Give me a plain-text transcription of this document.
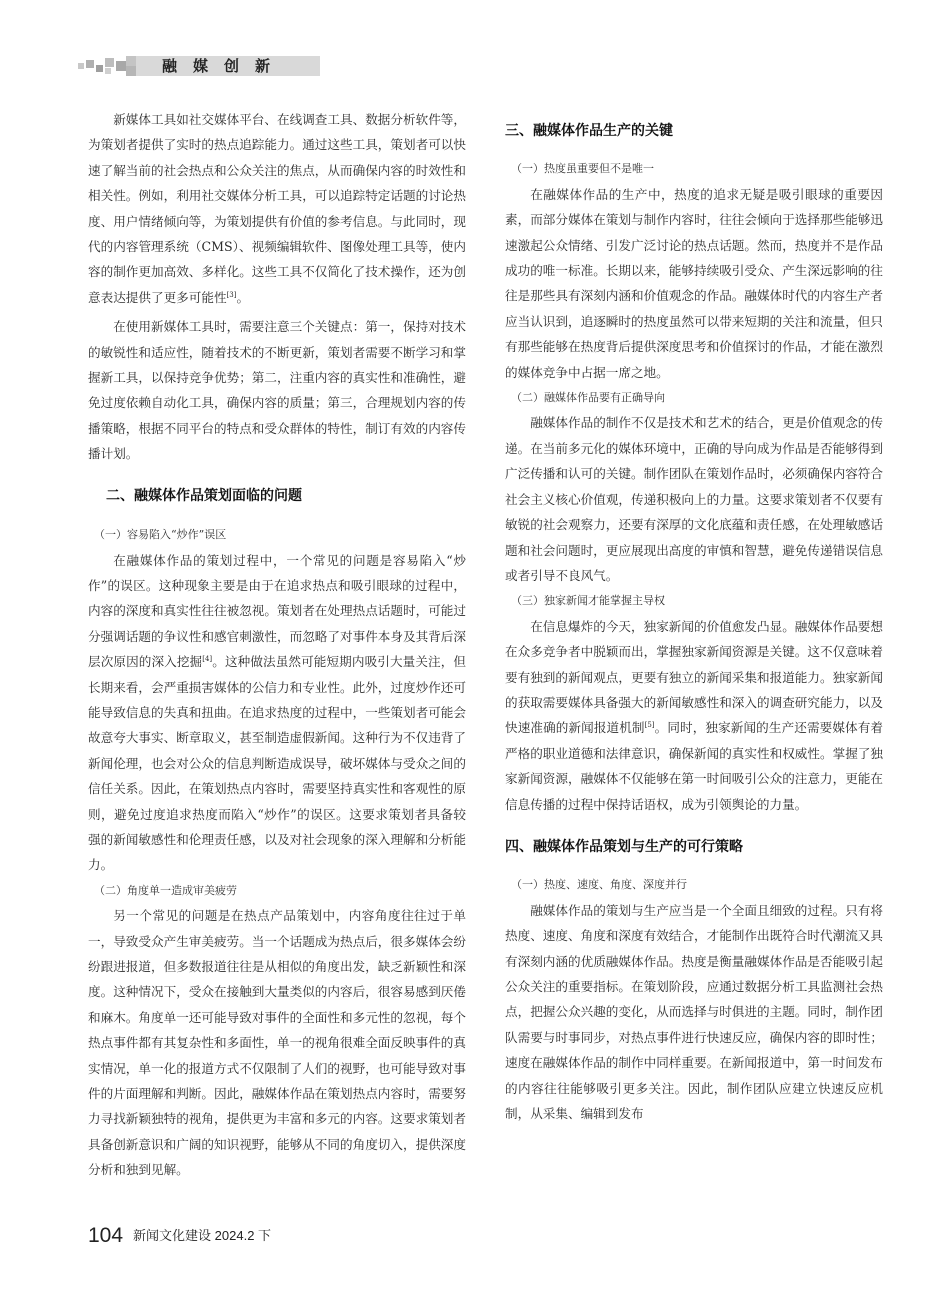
融媒创新

新媒体工具如社交媒体平台、在线调查工具、数据分析软件等，为策划者提供了实时的热点追踪能力。通过这些工具，策划者可以快速了解当前的社会热点和公众关注的焦点，从而确保内容的时效性和相关性。例如，利用社交媒体分析工具，可以追踪特定话题的讨论热度、用户情绪倾向等，为策划提供有价值的参考信息。与此同时，现代的内容管理系统（CMS）、视频编辑软件、图像处理工具等，使内容的制作更加高效、多样化。这些工具不仅简化了技术操作，还为创意表达提供了更多可能性[3]。

在使用新媒体工具时，需要注意三个关键点：第一，保持对技术的敏锐性和适应性，随着技术的不断更新，策划者需要不断学习和掌握新工具，以保持竞争优势；第二，注重内容的真实性和准确性，避免过度依赖自动化工具，确保内容的质量；第三，合理规划内容的传播策略，根据不同平台的特点和受众群体的特性，制订有效的内容传播计划。

二、融媒体作品策划面临的问题
（一）容易陷入“炒作”误区

在融媒体作品的策划过程中，一个常见的问题是容易陷入“炒作”的误区。这种现象主要是由于在追求热点和吸引眼球的过程中，内容的深度和真实性往往被忽视。策划者在处理热点话题时，可能过分强调话题的争议性和感官刺激性，而忽略了对事件本身及其背后深层次原因的深入挖掘[4]。这种做法虽然可能短期内吸引大量关注，但长期来看，会严重损害媒体的公信力和专业性。此外，过度炒作还可能导致信息的失真和扭曲。在追求热度的过程中，一些策划者可能会故意夸大事实、断章取义，甚至制造虚假新闻。这种行为不仅违背了新闻伦理，也会对公众的信息判断造成误导，破坏媒体与受众之间的信任关系。因此，在策划热点内容时，需要坚持真实性和客观性的原则，避免过度追求热度而陷入“炒作”的误区。这要求策划者具备较强的新闻敏感性和伦理责任感，以及对社会现象的深入理解和分析能力。

（二）角度单一造成审美疲劳

另一个常见的问题是在热点产品策划中，内容角度往往过于单一，导致受众产生审美疲劳。当一个话题成为热点后，很多媒体会纷纷跟进报道，但多数报道往往是从相似的角度出发，缺乏新颖性和深度。这种情况下，受众在接触到大量类似的内容后，很容易感到厌倦和麻木。角度单一还可能导致对事件的全面性和多元性的忽视，每个热点事件都有其复杂性和多面性，单一的视角很难全面反映事件的真实情况，单一化的报道方式不仅限制了人们的视野，也可能导致对事件的片面理解和判断。因此，融媒体作品在策划热点内容时，需要努力寻找新颖独特的视角，提供更为丰富和多元的内容。这要求策划者具备创新意识和广阔的知识视野，能够从不同的角度切入，提供深度分析和独到见解。

三、融媒体作品生产的关键
（一）热度虽重要但不是唯一

在融媒体作品的生产中，热度的追求无疑是吸引眼球的重要因素，而部分媒体在策划与制作内容时，往往会倾向于选择那些能够迅速激起公众情绪、引发广泛讨论的热点话题。然而，热度并不是作品成功的唯一标准。长期以来，能够持续吸引受众、产生深远影响的往往是那些具有深刻内涵和价值观念的作品。融媒体时代的内容生产者应当认识到，追逐瞬时的热度虽然可以带来短期的关注和流量，但只有那些能够在热度背后提供深度思考和价值探讨的作品，才能在激烈的媒体竞争中占据一席之地。

（二）融媒体作品要有正确导向

融媒体作品的制作不仅是技术和艺术的结合，更是价值观念的传递。在当前多元化的媒体环境中，正确的导向成为作品是否能够得到广泛传播和认可的关键。制作团队在策划作品时，必须确保内容符合社会主义核心价值观，传递积极向上的力量。这要求策划者不仅要有敏锐的社会观察力，还要有深厚的文化底蕴和责任感，在处理敏感话题和社会问题时，更应展现出高度的审慎和智慧，避免传递错误信息或者引导不良风气。

（三）独家新闻才能掌握主导权

在信息爆炸的今天，独家新闻的价值愈发凸显。融媒体作品要想在众多竞争者中脱颖而出，掌握独家新闻资源是关键。这不仅意味着要有独到的新闻观点，更要有独立的新闻采集和报道能力。独家新闻的获取需要媒体具备强大的新闻敏感性和深入的调查研究能力，以及快速准确的新闻报道机制[5]。同时，独家新闻的生产还需要媒体有着严格的职业道德和法律意识，确保新闻的真实性和权威性。掌握了独家新闻资源，融媒体不仅能够在第一时间吸引公众的注意力，更能在信息传播的过程中保持话语权，成为引领舆论的力量。

四、融媒体作品策划与生产的可行策略
（一）热度、速度、角度、深度并行

融媒体作品的策划与生产应当是一个全面且细致的过程。只有将热度、速度、角度和深度有效结合，才能制作出既符合时代潮流又具有深刻内涵的优质融媒体作品。热度是衡量融媒体作品是否能吸引起公众关注的重要指标。在策划阶段，应通过数据分析工具监测社会热点，把握公众兴趣的变化，从而选择与时俱进的主题。同时，制作团队需要与时事同步，对热点事件进行快速反应，确保内容的即时性；速度在融媒体作品的制作中同样重要。在新闻报道中，第一时间发布的内容往往能够吸引更多关注。因此，制作团队应建立快速反应机制，从采集、编辑到发布

104 新闻文化建设 2024.2 下
